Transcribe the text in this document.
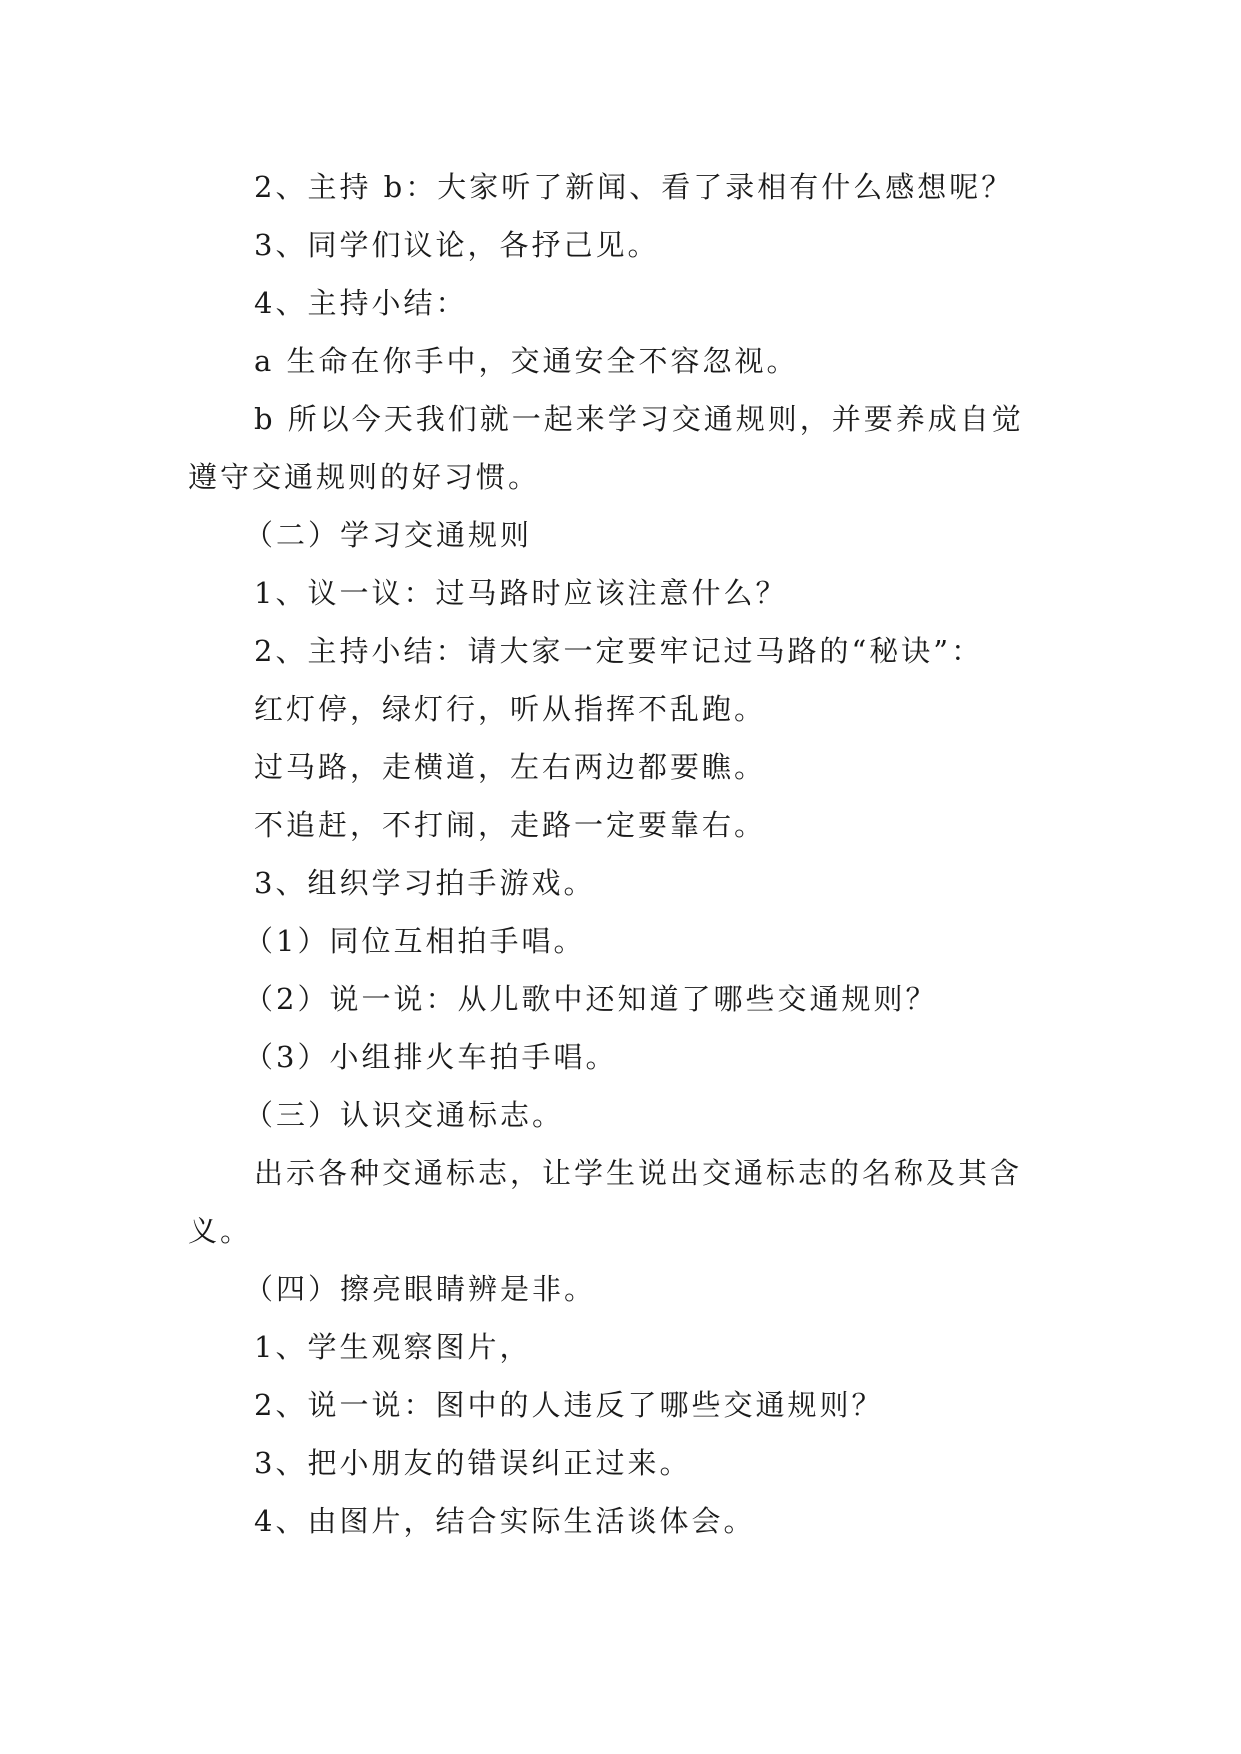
2、主持 b：大家听了新闻、看了录相有什么感想呢？
3、同学们议论，各抒己见。
4、主持小结：
a 生命在你手中，交通安全不容忽视。
b 所以今天我们就一起来学习交通规则，并要养成自觉遵守交通规则的好习惯。
（二）学习交通规则
1、议一议：过马路时应该注意什么？
2、主持小结：请大家一定要牢记过马路的“秘诀”：
红灯停，绿灯行，听从指挥不乱跑。
过马路，走横道，左右两边都要瞧。
不追赶，不打闹，走路一定要靠右。
3、组织学习拍手游戏。
（1）同位互相拍手唱。
（2）说一说：从儿歌中还知道了哪些交通规则？
（3）小组排火车拍手唱。
（三）认识交通标志。
出示各种交通标志，让学生说出交通标志的名称及其含义。
（四）擦亮眼睛辨是非。
1、学生观察图片，
2、说一说：图中的人违反了哪些交通规则？
3、把小朋友的错误纠正过来。
4、由图片，结合实际生活谈体会。
